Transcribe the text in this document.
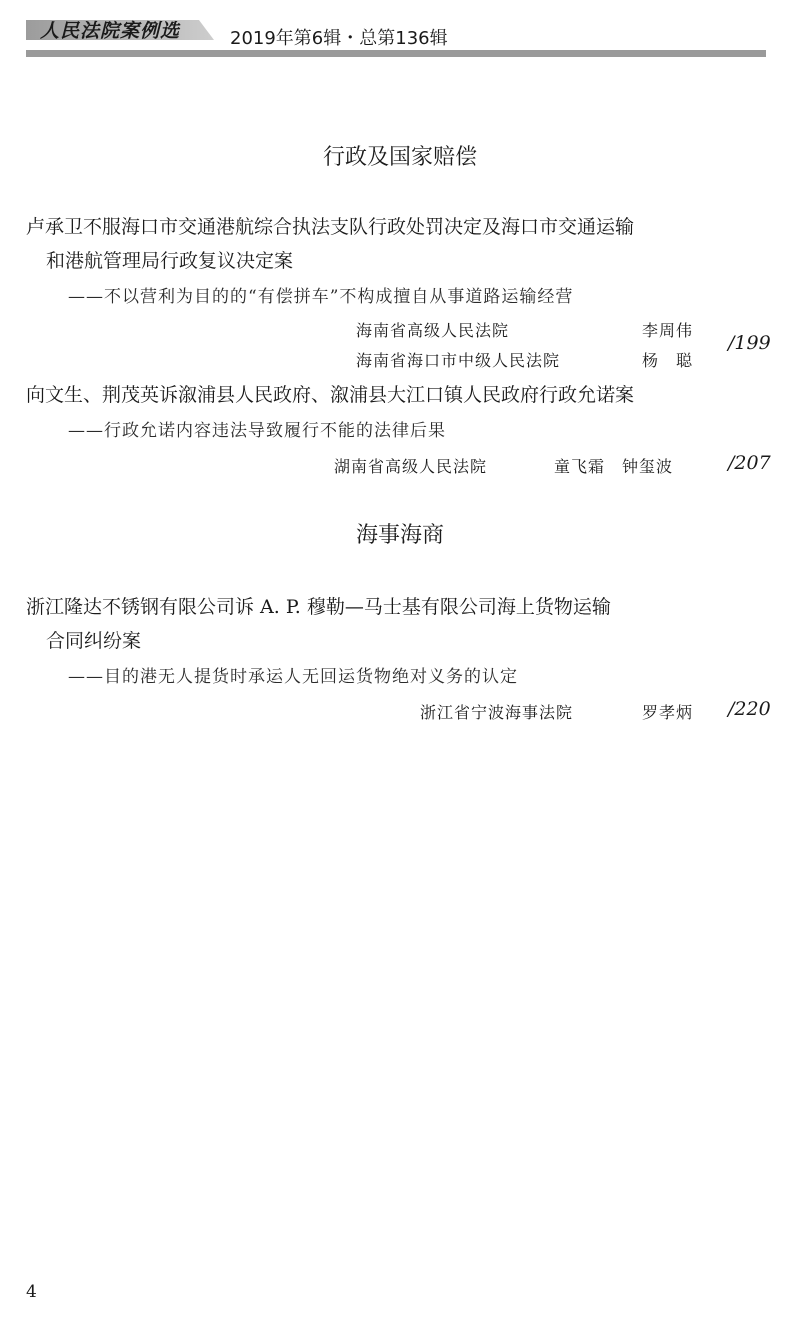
人民法院案例选	2019年第6辑・总第136辑
行政及国家赔偿
卢承卫不服海口市交通港航综合执法支队行政处罚决定及海口市交通运输
和港航管理局行政复议决定案
——不以营利为目的的“有偿拼车”不构成擅自从事道路运输经营
海南省高级人民法院	李周伟
海南省海口市中级人民法院	杨　聪
/199
向文生、荆茂英诉溆浦县人民政府、溆浦县大江口镇人民政府行政允诺案
——行政允诺内容违法导致履行不能的法律后果
湖南省高级人民法院	童飞霜　钟玺波	/207
海事海商
浙江隆达不锈钢有限公司诉 A. P. 穆勒—马士基有限公司海上货物运输
合同纠纷案
——目的港无人提货时承运人无回运货物绝对义务的认定
浙江省宁波海事法院	罗孝炳 /220
4
